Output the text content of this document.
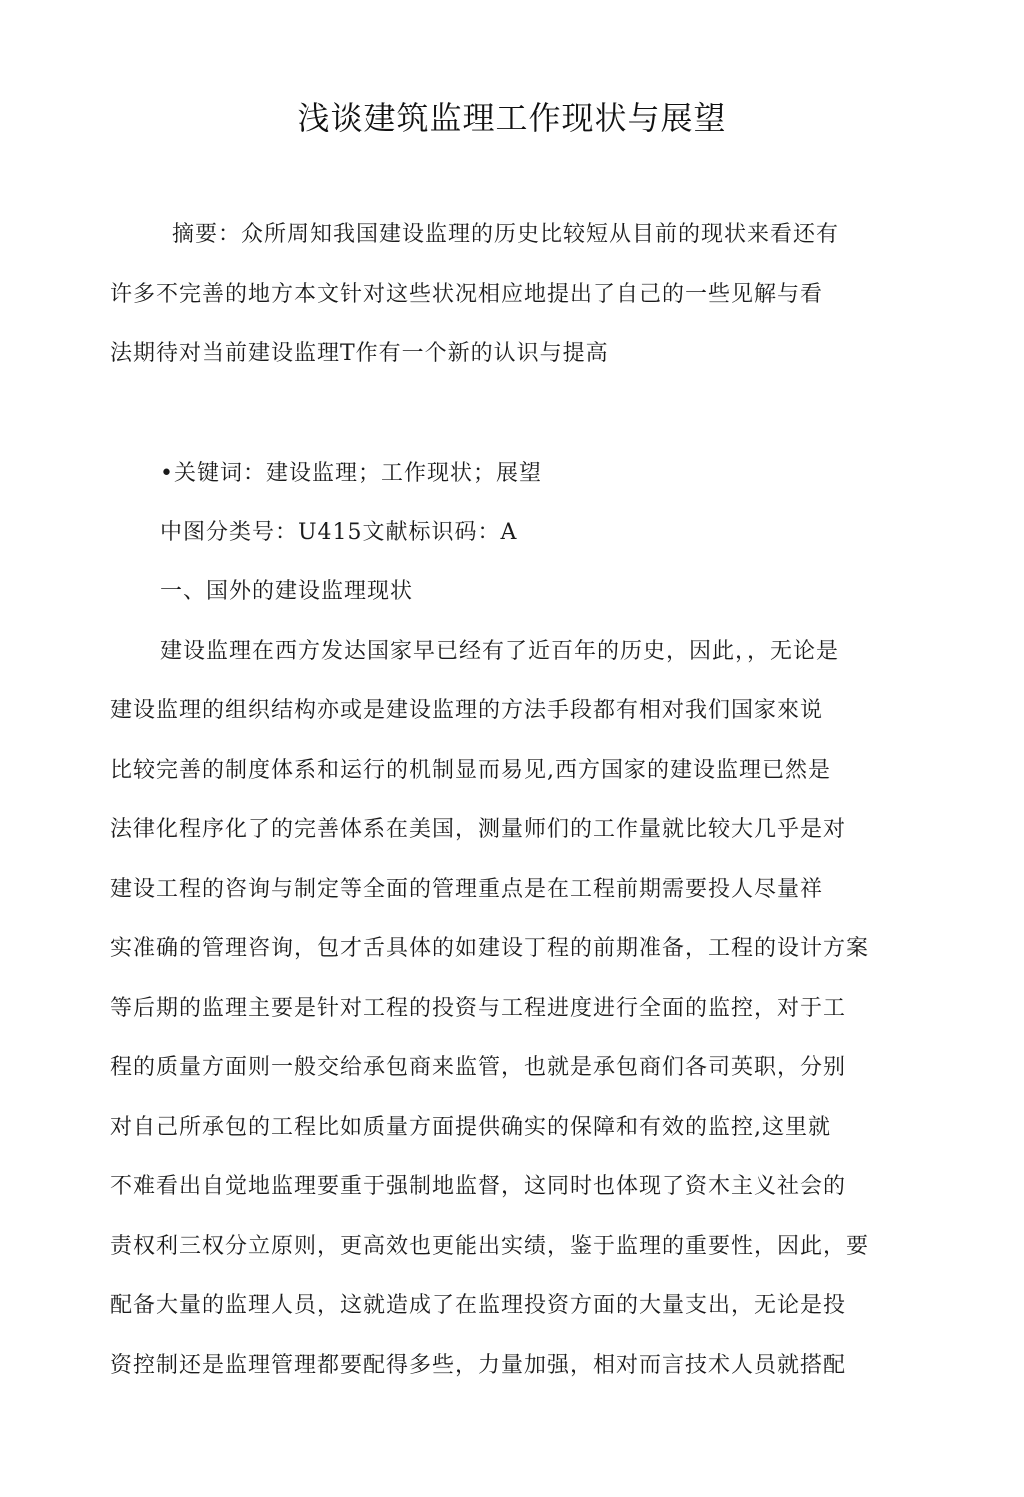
浅谈建筑监理工作现状与展望
摘要：众所周知我国建设监理的历史比较短从目前的现状来看还有
许多不完善的地方本文针对这些状况相应地提出了自己的一些见解与看
法期待对当前建设监理T作有一个新的认识与提高
•关键词：建设监理；工作现状；展望
中图分类号：U415文献标识码：A
一、国外的建设监理现状
建设监理在西方发达国家早已经有了近百年的历史，因此，，无论是
建设监理的组织结构亦或是建设监理的方法手段都有相对我们国家來说
比较完善的制度体系和运行的机制显而易见,西方国家的建设监理已然是
法律化程序化了的完善体系在美国，测量师们的工作量就比较大几乎是对
建设工程的咨询与制定等全面的管理重点是在工程前期需要投人尽量祥
实准确的管理咨询，包才舌具体的如建设丁程的前期准备，工程的设计方案
等后期的监理主要是针对工程的投资与工程进度进行全面的监控，对于工
程的质量方面则一般交给承包商来监管，也就是承包商们各司英职，分别
对自己所承包的工程比如质量方面提供确实的保障和有效的监控,这里就
不难看出自觉地监理要重于强制地监督，这同时也体现了资木主义社会的
责权利三权分立原则，更高效也更能出实绩，鉴于监理的重要性，因此，要
配备大量的监理人员，这就造成了在监理投资方面的大量支出，无论是投
资控制还是监理管理都要配得多些，力量加强，相对而言技术人员就搭配
